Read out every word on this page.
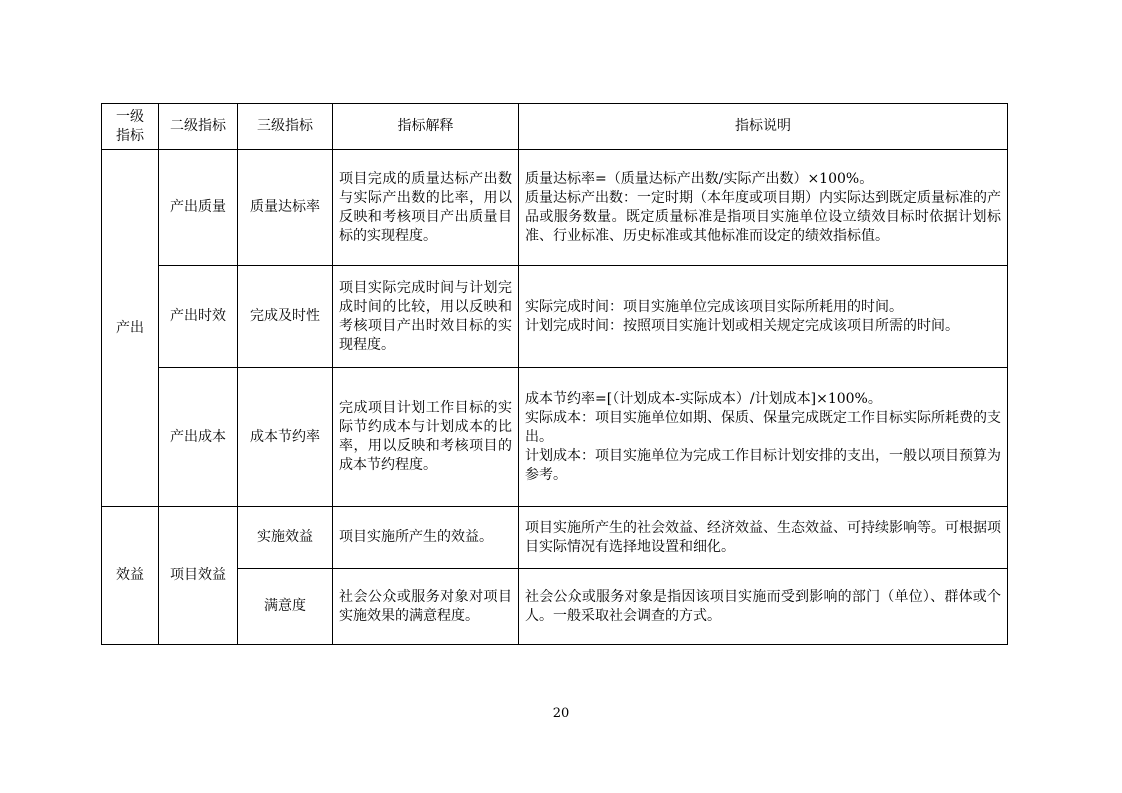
一级指标	二级指标	三级指标	指标解释	指标说明
产出	产出质量	质量达标率	项目完成的质量达标产出数与实际产出数的比率，用以反映和考核项目产出质量目标的实现程度。	质量达标率=（质量达标产出数/实际产出数）×100%。
质量达标产出数：一定时期（本年度或项目期）内实际达到既定质量标准的产品或服务数量。既定质量标准是指项目实施单位设立绩效目标时依据计划标准、行业标准、历史标准或其他标准而设定的绩效指标值。

	产出时效	完成及时性	项目实际完成时间与计划完成时间的比较，用以反映和考核项目产出时效目标的实现程度。	实际完成时间：项目实施单位完成该项目实际所耗用的时间。
计划完成时间：按照项目实施计划或相关规定完成该项目所需的时间。

	产出成本	成本节约率	完成项目计划工作目标的实际节约成本与计划成本的比率，用以反映和考核项目的成本节约程度。	成本节约率=[（计划成本-实际成本）/计划成本]×100%。
实际成本：项目实施单位如期、保质、保量完成既定工作目标实际所耗费的支出。
计划成本：项目实施单位为完成工作目标计划安排的支出，一般以项目预算为参考。

效益	项目效益	实施效益	项目实施所产生的效益。	项目实施所产生的社会效益、经济效益、生态效益、可持续影响等。可根据项目实际情况有选择地设置和细化。

		满意度	社会公众或服务对象对项目实施效果的满意程度。	社会公众或服务对象是指因该项目实施而受到影响的部门（单位）、群体或个人。一般采取社会调查的方式。
20
